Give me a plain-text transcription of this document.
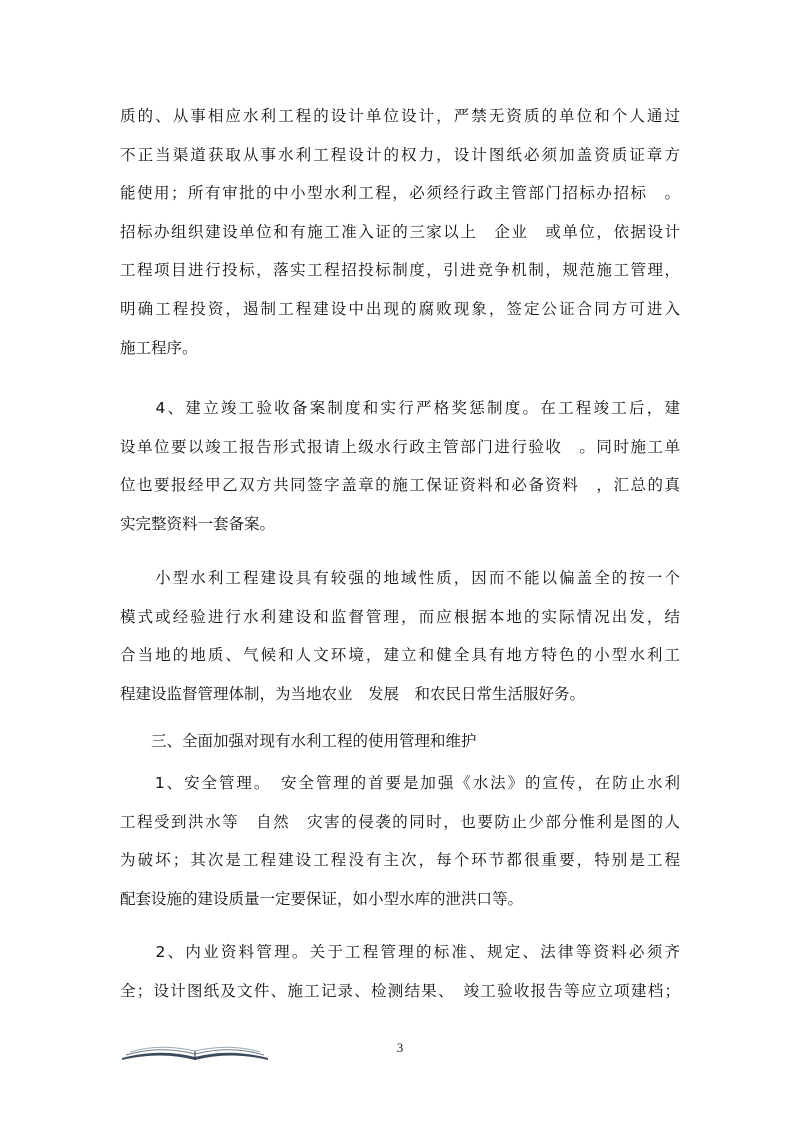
质的、从事相应水利工程的设计单位设计，严禁无资质的单位和个人通过
不正当渠道获取从事水利工程设计的权力，设计图纸必须加盖资质证章方
能使用；所有审批的中小型水利工程，必须经行政主管部门招标办招标　。
招标办组织建设单位和有施工准入证的三家以上　企业　或单位，依据设计
工程项目进行投标，落实工程招投标制度，引进竞争机制，规范施工管理，
明确工程投资，遏制工程建设中出现的腐败现象，签定公证合同方可进入
施工程序。
　　4、建立竣工验收备案制度和实行严格奖惩制度。在工程竣工后，建
设单位要以竣工报告形式报请上级水行政主管部门进行验收　。同时施工单
位也要报经甲乙双方共同签字盖章的施工保证资料和必备资料　，汇总的真
实完整资料一套备案。
　　小型水利工程建设具有较强的地域性质，因而不能以偏盖全的按一个
模式或经验进行水利建设和监督管理，而应根据本地的实际情况出发，结
合当地的地质、气候和人文环境，建立和健全具有地方特色的小型水利工
程建设监督管理体制，为当地农业　发展　和农民日常生活服好务。
　　三、全面加强对现有水利工程的使用管理和维护
　　1、安全管理。　安全管理的首要是加强《水法》的宣传，在防止水利
工程受到洪水等　自然　灾害的侵袭的同时，也要防止少部分惟利是图的人
为破坏；其次是工程建设工程没有主次，每个环节都很重要，特别是工程
配套设施的建设质量一定要保证，如小型水库的泄洪口等。
　　2、内业资料管理。关于工程管理的标准、规定、法律等资料必须齐
全；设计图纸及文件、施工记录、检测结果、　竣工验收报告等应立项建档；
3
